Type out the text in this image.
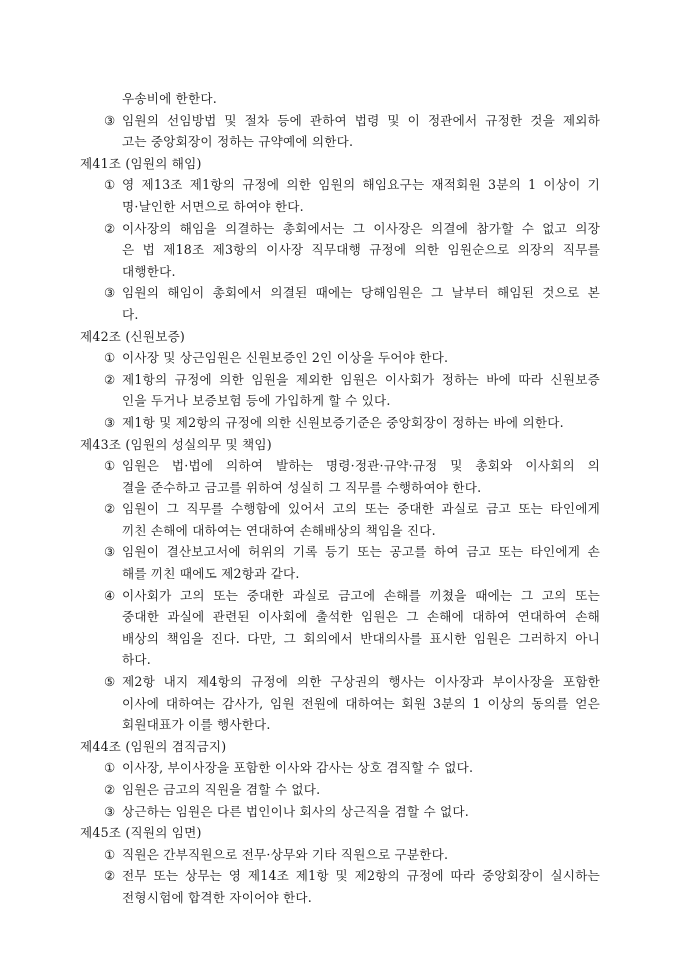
우송비에 한한다.
③ 임원의 선임방법 및 절차 등에 관하여 법령 및 이 정관에서 규정한 것을 제외하
고는 중앙회장이 정하는 규약예에 의한다.
제41조 (임원의 해임)
① 영 제13조 제1항의 규정에 의한 임원의 해임요구는 재적회원 3분의 1 이상이 기
명·날인한 서면으로 하여야 한다.
② 이사장의 해임을 의결하는 총회에서는 그 이사장은 의결에 참가할 수 없고 의장
은 법 제18조 제3항의 이사장 직무대행 규정에 의한 임원순으로 의장의 직무를
대행한다.
③ 임원의 해임이 총회에서 의결된 때에는 당해임원은 그 날부터 해임된 것으로 본
다.
제42조 (신원보증)
① 이사장 및 상근임원은 신원보증인 2인 이상을 두어야 한다.
② 제1항의 규정에 의한 임원을 제외한 임원은 이사회가 정하는 바에 따라 신원보증
인을 두거나 보증보험 등에 가입하게 할 수 있다.
③ 제1항 및 제2항의 규정에 의한 신원보증기준은 중앙회장이 정하는 바에 의한다.
제43조 (임원의 성실의무 및 책임)
① 임원은 법·법에 의하여 발하는 명령·정관·규약·규정 및 총회와 이사회의 의
결을 준수하고 금고를 위하여 성실히 그 직무를 수행하여야 한다.
② 임원이 그 직무를 수행함에 있어서 고의 또는 중대한 과실로 금고 또는 타인에게
끼친 손해에 대하여는 연대하여 손해배상의 책임을 진다.
③ 임원이 결산보고서에 허위의 기록 등기 또는 공고를 하여 금고 또는 타인에게 손
해를 끼친 때에도 제2항과 같다.
④ 이사회가 고의 또는 중대한 과실로 금고에 손해를 끼쳤을 때에는 그 고의 또는
중대한 과실에 관련된 이사회에 출석한 임원은 그 손해에 대하여 연대하여 손해
배상의 책임을 진다. 다만, 그 회의에서 반대의사를 표시한 임원은 그러하지 아니
하다.
⑤ 제2항 내지 제4항의 규정에 의한 구상권의 행사는 이사장과 부이사장을 포함한
이사에 대하여는 감사가, 임원 전원에 대하여는 회원 3분의 1 이상의 동의를 얻은
회원대표가 이를 행사한다.
제44조 (임원의 겸직금지)
① 이사장, 부이사장을 포함한 이사와 감사는 상호 겸직할 수 없다.
② 임원은 금고의 직원을 겸할 수 없다.
③ 상근하는 임원은 다른 법인이나 회사의 상근직을 겸할 수 없다.
제45조 (직원의 임면)
① 직원은 간부직원으로 전무·상무와 기타 직원으로 구분한다.
② 전무 또는 상무는 영 제14조 제1항 및 제2항의 규정에 따라 중앙회장이 실시하는
전형시험에 합격한 자이어야 한다.
